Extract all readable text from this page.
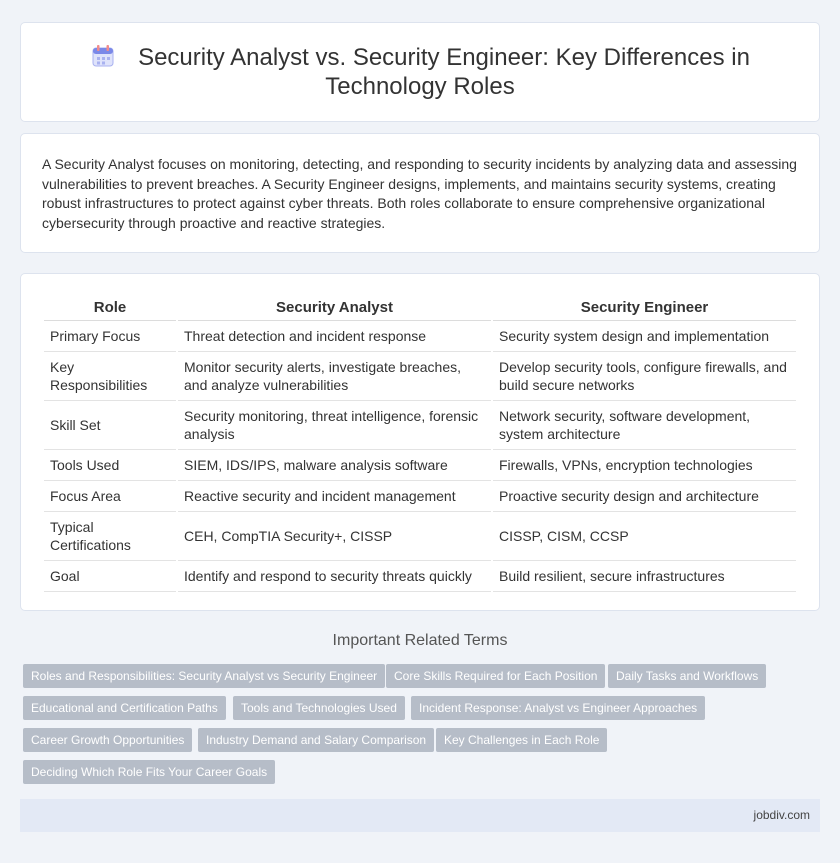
Security Analyst vs. Security Engineer: Key Differences in Technology Roles

A Security Analyst focuses on monitoring, detecting, and responding to security incidents by analyzing data and assessing vulnerabilities to prevent breaches. A Security Engineer designs, implements, and maintains security systems, creating robust infrastructures to protect against cyber threats. Both roles collaborate to ensure comprehensive organizational cybersecurity through proactive and reactive strategies.

Role	Security Analyst	Security Engineer
Primary Focus	Threat detection and incident response	Security system design and implementation
Key Responsibilities	Monitor security alerts, investigate breaches, and analyze vulnerabilities	Develop security tools, configure firewalls, and build secure networks
Skill Set	Security monitoring, threat intelligence, forensic analysis	Network security, software development, system architecture
Tools Used	SIEM, IDS/IPS, malware analysis software	Firewalls, VPNs, encryption technologies
Focus Area	Reactive security and incident management	Proactive security design and architecture
Typical Certifications	CEH, CompTIA Security+, CISSP	CISSP, CISM, CCSP
Goal	Identify and respond to security threats quickly	Build resilient, secure infrastructures
Important Related Terms
Roles and Responsibilities: Security Analyst vs Security Engineer	Core Skills Required for Each Position	Daily Tasks and Workflows
Educational and Certification Paths	Tools and Technologies Used	Incident Response: Analyst vs Engineer Approaches
Career Growth Opportunities	Industry Demand and Salary Comparison	Key Challenges in Each Role
Deciding Which Role Fits Your Career Goals
jobdiv.com
